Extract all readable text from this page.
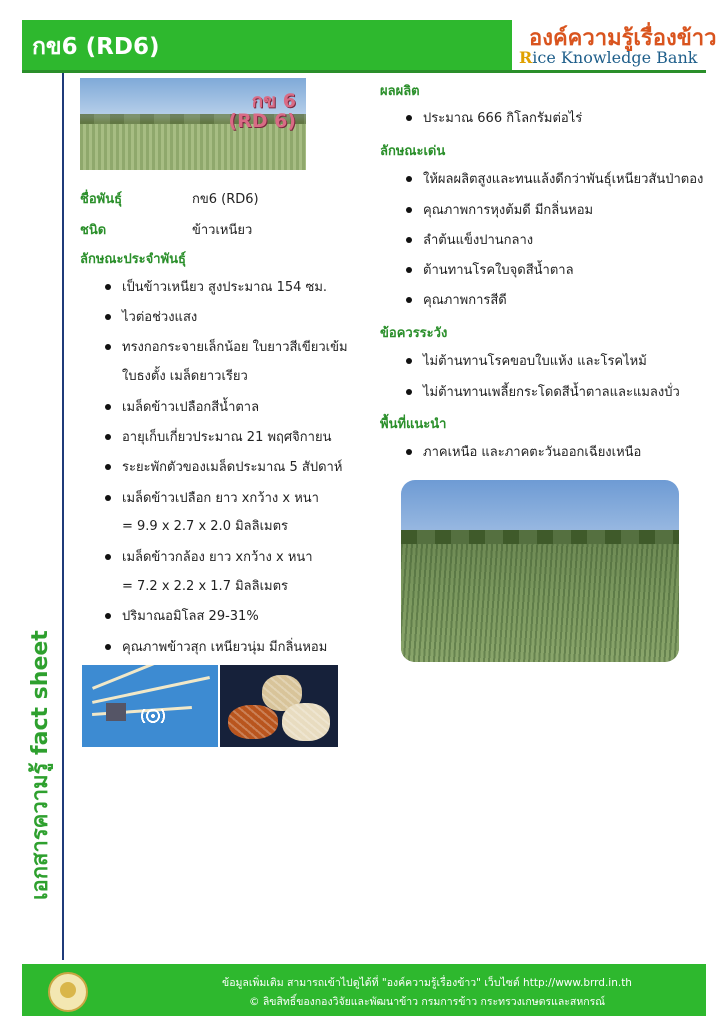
กข6 (RD6)	องค์ความรู้เรื่องข้าว
Rice Knowledge Bank
เอกสารความรู้ fact sheet
กข 6
(RD 6)
ชื่อพันธุ์	กข6 (RD6)
ชนิด	ข้าวเหนียว
ลักษณะประจำพันธุ์
เป็นข้าวเหนียว สูงประมาณ 154 ซม.
ไวต่อช่วงแสง
ทรงกอกระจายเล็กน้อย ใบยาวสีเขียวเข้ม
ใบธงตั้ง เมล็ดยาวเรียว
เมล็ดข้าวเปลือกสีน้ำตาล
อายุเก็บเกี่ยวประมาณ 21 พฤศจิกายน
ระยะพักตัวของเมล็ดประมาณ 5 สัปดาห์
เมล็ดข้าวเปลือก ยาว xกว้าง x หนา
= 9.9 x 2.7 x 2.0 มิลลิเมตร
เมล็ดข้าวกล้อง ยาว xกว้าง x หนา
= 7.2 x 2.2 x 1.7 มิลลิเมตร
ปริมาณอมิโลส 29-31%
คุณภาพข้าวสุก เหนียวนุ่ม มีกลิ่นหอม
ผลผลิต
ประมาณ 666 กิโลกรัมต่อไร่
ลักษณะเด่น
ให้ผลผลิตสูงและทนแล้งดีกว่าพันธุ์เหนียวสันป่าตอง
คุณภาพการหุงต้มดี มีกลิ่นหอม
ลำต้นแข็งปานกลาง
ต้านทานโรคใบจุดสีน้ำตาล
คุณภาพการสีดี
ข้อควรระวัง
ไม่ต้านทานโรคขอบใบแห้ง และโรคไหม้
ไม่ต้านทานเพลี้ยกระโดดสีน้ำตาลและแมลงบั่ว
พื้นที่แนะนำ
ภาคเหนือ และภาคตะวันออกเฉียงเหนือ
ข้อมูลเพิ่มเติม สามารถเข้าไปดูได้ที่ "องค์ความรู้เรื่องข้าว" เว็บไซต์ http://www.brrd.in.th
© ลิขสิทธิ์ของกองวิจัยและพัฒนาข้าว กรมการข้าว กระทรวงเกษตรและสหกรณ์
